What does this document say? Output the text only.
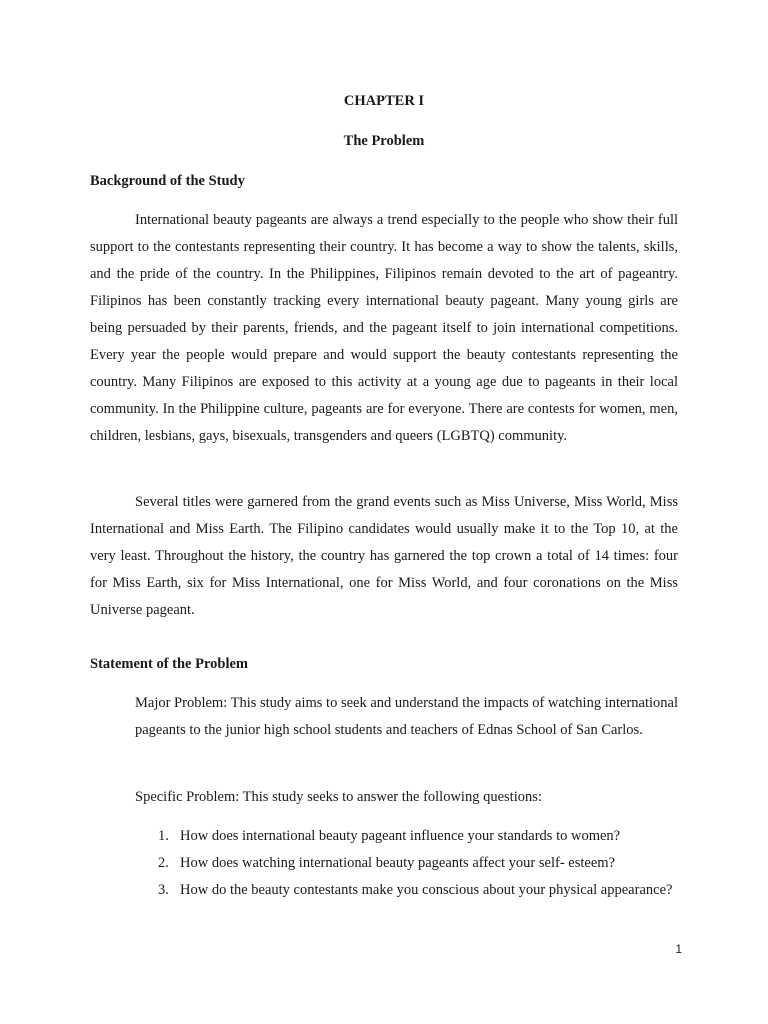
CHAPTER I
The Problem
Background of the Study

International beauty pageants are always a trend especially to the people who show their full support to the contestants representing their country. It has become a way to show the talents, skills, and the pride of the country. In the Philippines, Filipinos remain devoted to the art of pageantry. Filipinos has been constantly tracking every international beauty pageant. Many young girls are being persuaded by their parents, friends, and the pageant itself to join international competitions. Every year the people would prepare and would support the beauty contestants representing the country. Many Filipinos are exposed to this activity at a young age due to pageants in their local community. In the Philippine culture, pageants are for everyone. There are contests for women, men, children, lesbians, gays, bisexuals, transgenders and queers (LGBTQ) community.

Several titles were garnered from the grand events such as Miss Universe, Miss World, Miss International and Miss Earth. The Filipino candidates would usually make it to the Top 10, at the very least. Throughout the history, the country has garnered the top crown a total of 14 times: four for Miss Earth, six for Miss International, one for Miss World, and four coronations on the Miss Universe pageant.

Statement of the Problem

Major Problem: This study aims to seek and understand the impacts of watching international pageants to the junior high school students and teachers of Ednas School of San Carlos.

Specific Problem: This study seeks to answer the following questions:

1. How does international beauty pageant influence your standards to women?
2. How does watching international beauty pageants affect your self- esteem?
3. How do the beauty contestants make you conscious about your physical appearance?
1
